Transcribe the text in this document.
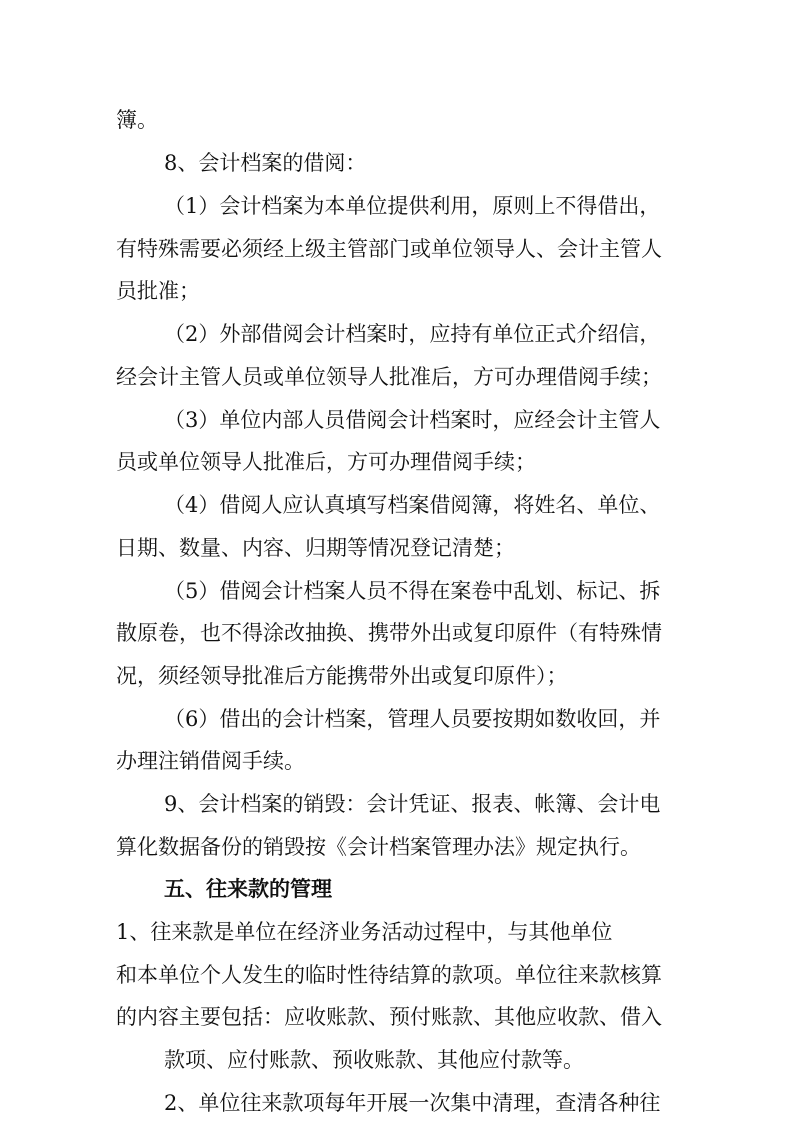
簿。
8、会计档案的借阅：
（1）会计档案为本单位提供利用，原则上不得借出，
有特殊需要必须经上级主管部门或单位领导人、会计主管人
员批准；
（2）外部借阅会计档案时，应持有单位正式介绍信，
经会计主管人员或单位领导人批准后，方可办理借阅手续；
（3）单位内部人员借阅会计档案时，应经会计主管人
员或单位领导人批准后，方可办理借阅手续；
（4）借阅人应认真填写档案借阅簿，将姓名、单位、
日期、数量、内容、归期等情况登记清楚；
（5）借阅会计档案人员不得在案卷中乱划、标记、拆
散原卷，也不得涂改抽换、携带外出或复印原件（有特殊情
况，须经领导批准后方能携带外出或复印原件）；
（6）借出的会计档案，管理人员要按期如数收回，并
办理注销借阅手续。
9、会计档案的销毁：会计凭证、报表、帐簿、会计电
算化数据备份的销毁按《会计档案管理办法》规定执行。
五、往来款的管理
1、往来款是单位在经济业务活动过程中，与其他单位
和本单位个人发生的临时性待结算的款项。单位往来款核算
的内容主要包括：应收账款、预付账款、其他应收款、借入
款项、应付账款、预收账款、其他应付款等。
2、单位往来款项每年开展一次集中清理，查清各种往
